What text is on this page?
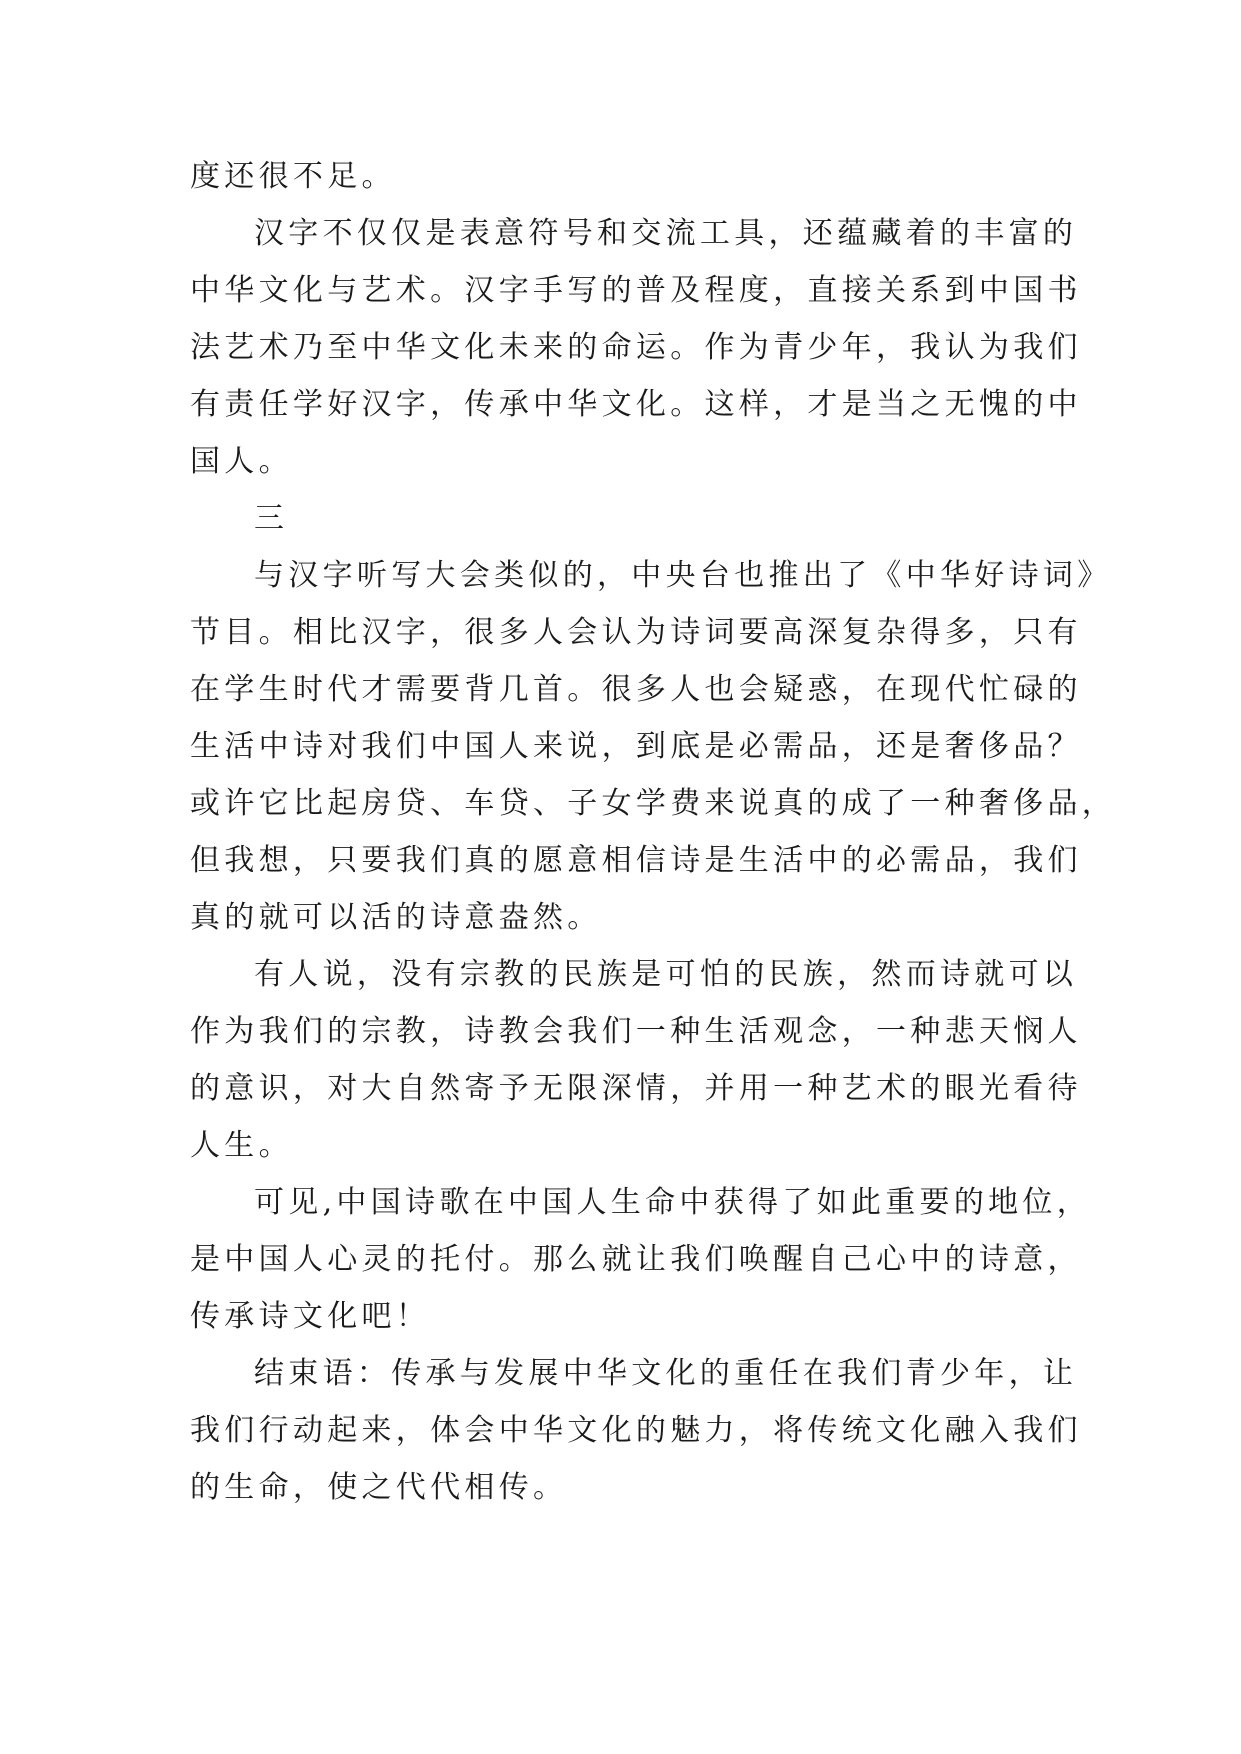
度还很不足。
汉字不仅仅是表意符号和交流工具，还蕴藏着的丰富的
中华文化与艺术。汉字手写的普及程度，直接关系到中国书
法艺术乃至中华文化未来的命运。作为青少年，我认为我们
有责任学好汉字，传承中华文化。这样，才是当之无愧的中
国人。
三
与汉字听写大会类似的，中央台也推出了《中华好诗词》
节目。相比汉字，很多人会认为诗词要高深复杂得多，只有
在学生时代才需要背几首。很多人也会疑惑，在现代忙碌的
生活中诗对我们中国人来说，到底是必需品，还是奢侈品？
或许它比起房贷、车贷、子女学费来说真的成了一种奢侈品，
但我想，只要我们真的愿意相信诗是生活中的必需品，我们
真的就可以活的诗意盎然。
有人说，没有宗教的民族是可怕的民族，然而诗就可以
作为我们的宗教，诗教会我们一种生活观念，一种悲天悯人
的意识，对大自然寄予无限深情，并用一种艺术的眼光看待
人生。
可见,中国诗歌在中国人生命中获得了如此重要的地位，
是中国人心灵的托付。那么就让我们唤醒自己心中的诗意，
传承诗文化吧！
结束语：传承与发展中华文化的重任在我们青少年，让
我们行动起来，体会中华文化的魅力，将传统文化融入我们
的生命，使之代代相传。
